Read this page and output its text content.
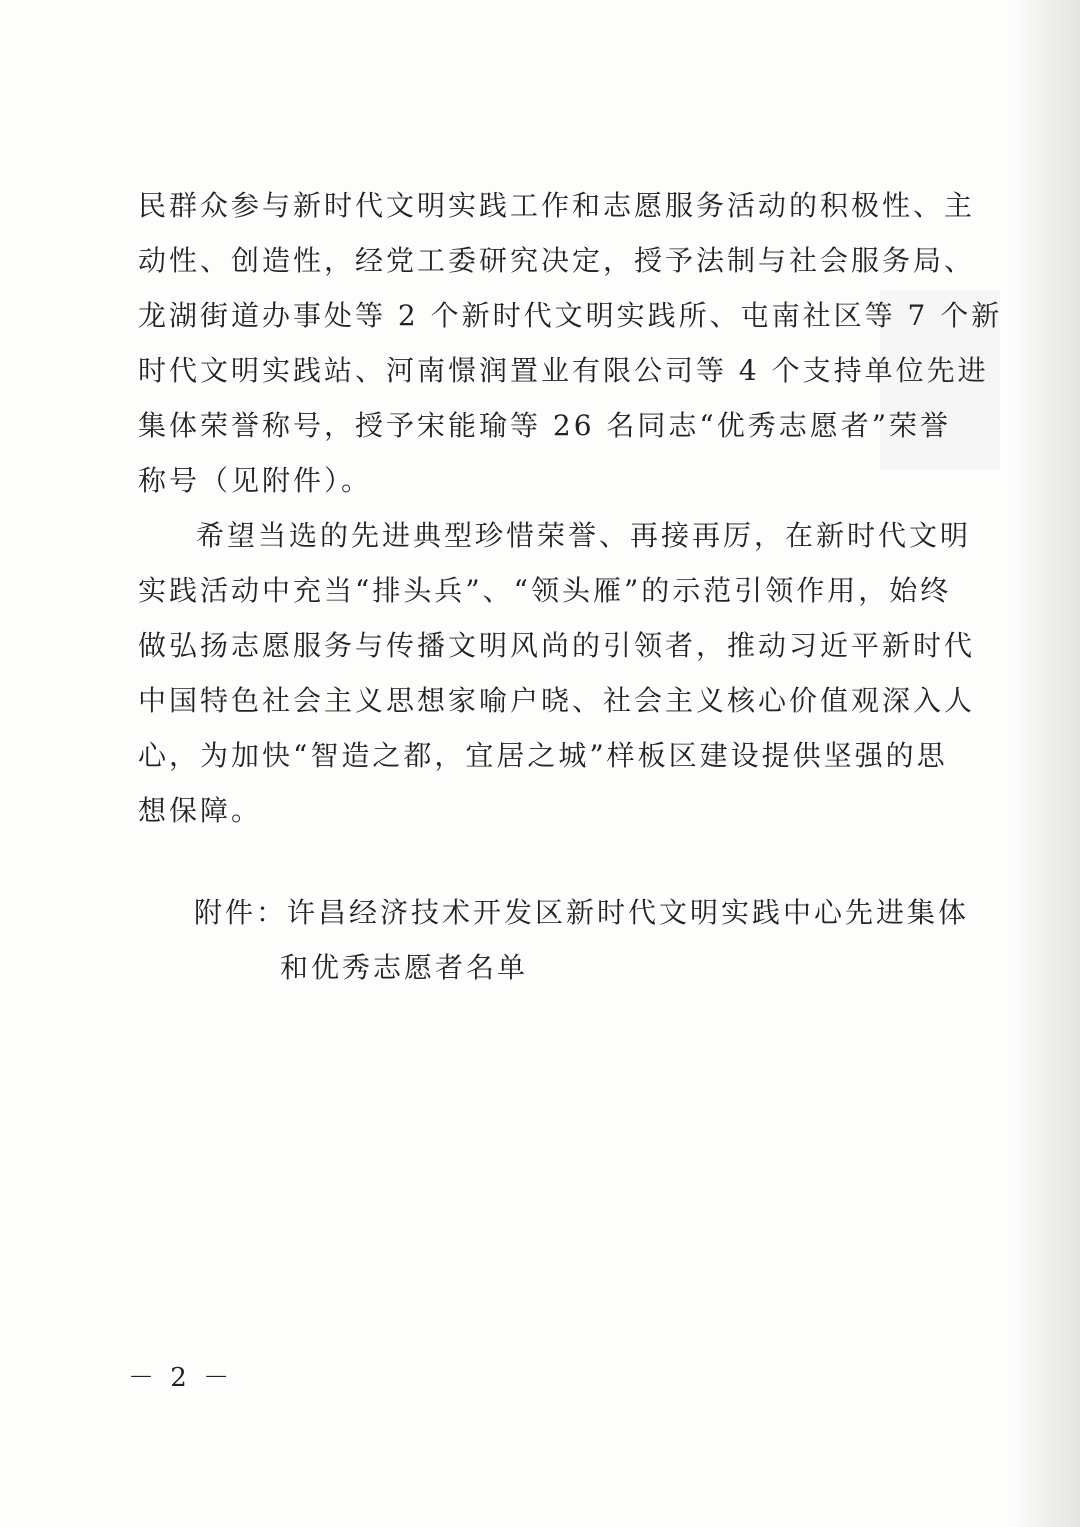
民群众参与新时代文明实践工作和志愿服务活动的积极性、主
动性、创造性，经党工委研究决定，授予法制与社会服务局、
龙湖街道办事处等 2 个新时代文明实践所、屯南社区等 7 个新
时代文明实践站、河南憬润置业有限公司等 4 个支持单位先进
集体荣誉称号，授予宋能瑜等 26 名同志“优秀志愿者”荣誉
称号（见附件）。
希望当选的先进典型珍惜荣誉、再接再厉，在新时代文明
实践活动中充当“排头兵”、“领头雁”的示范引领作用，始终
做弘扬志愿服务与传播文明风尚的引领者，推动习近平新时代
中国特色社会主义思想家喻户晓、社会主义核心价值观深入人
心，为加快“智造之都，宜居之城”样板区建设提供坚强的思
想保障。
附件：许昌经济技术开发区新时代文明实践中心先进集体
和优秀志愿者名单
－ 2 －
